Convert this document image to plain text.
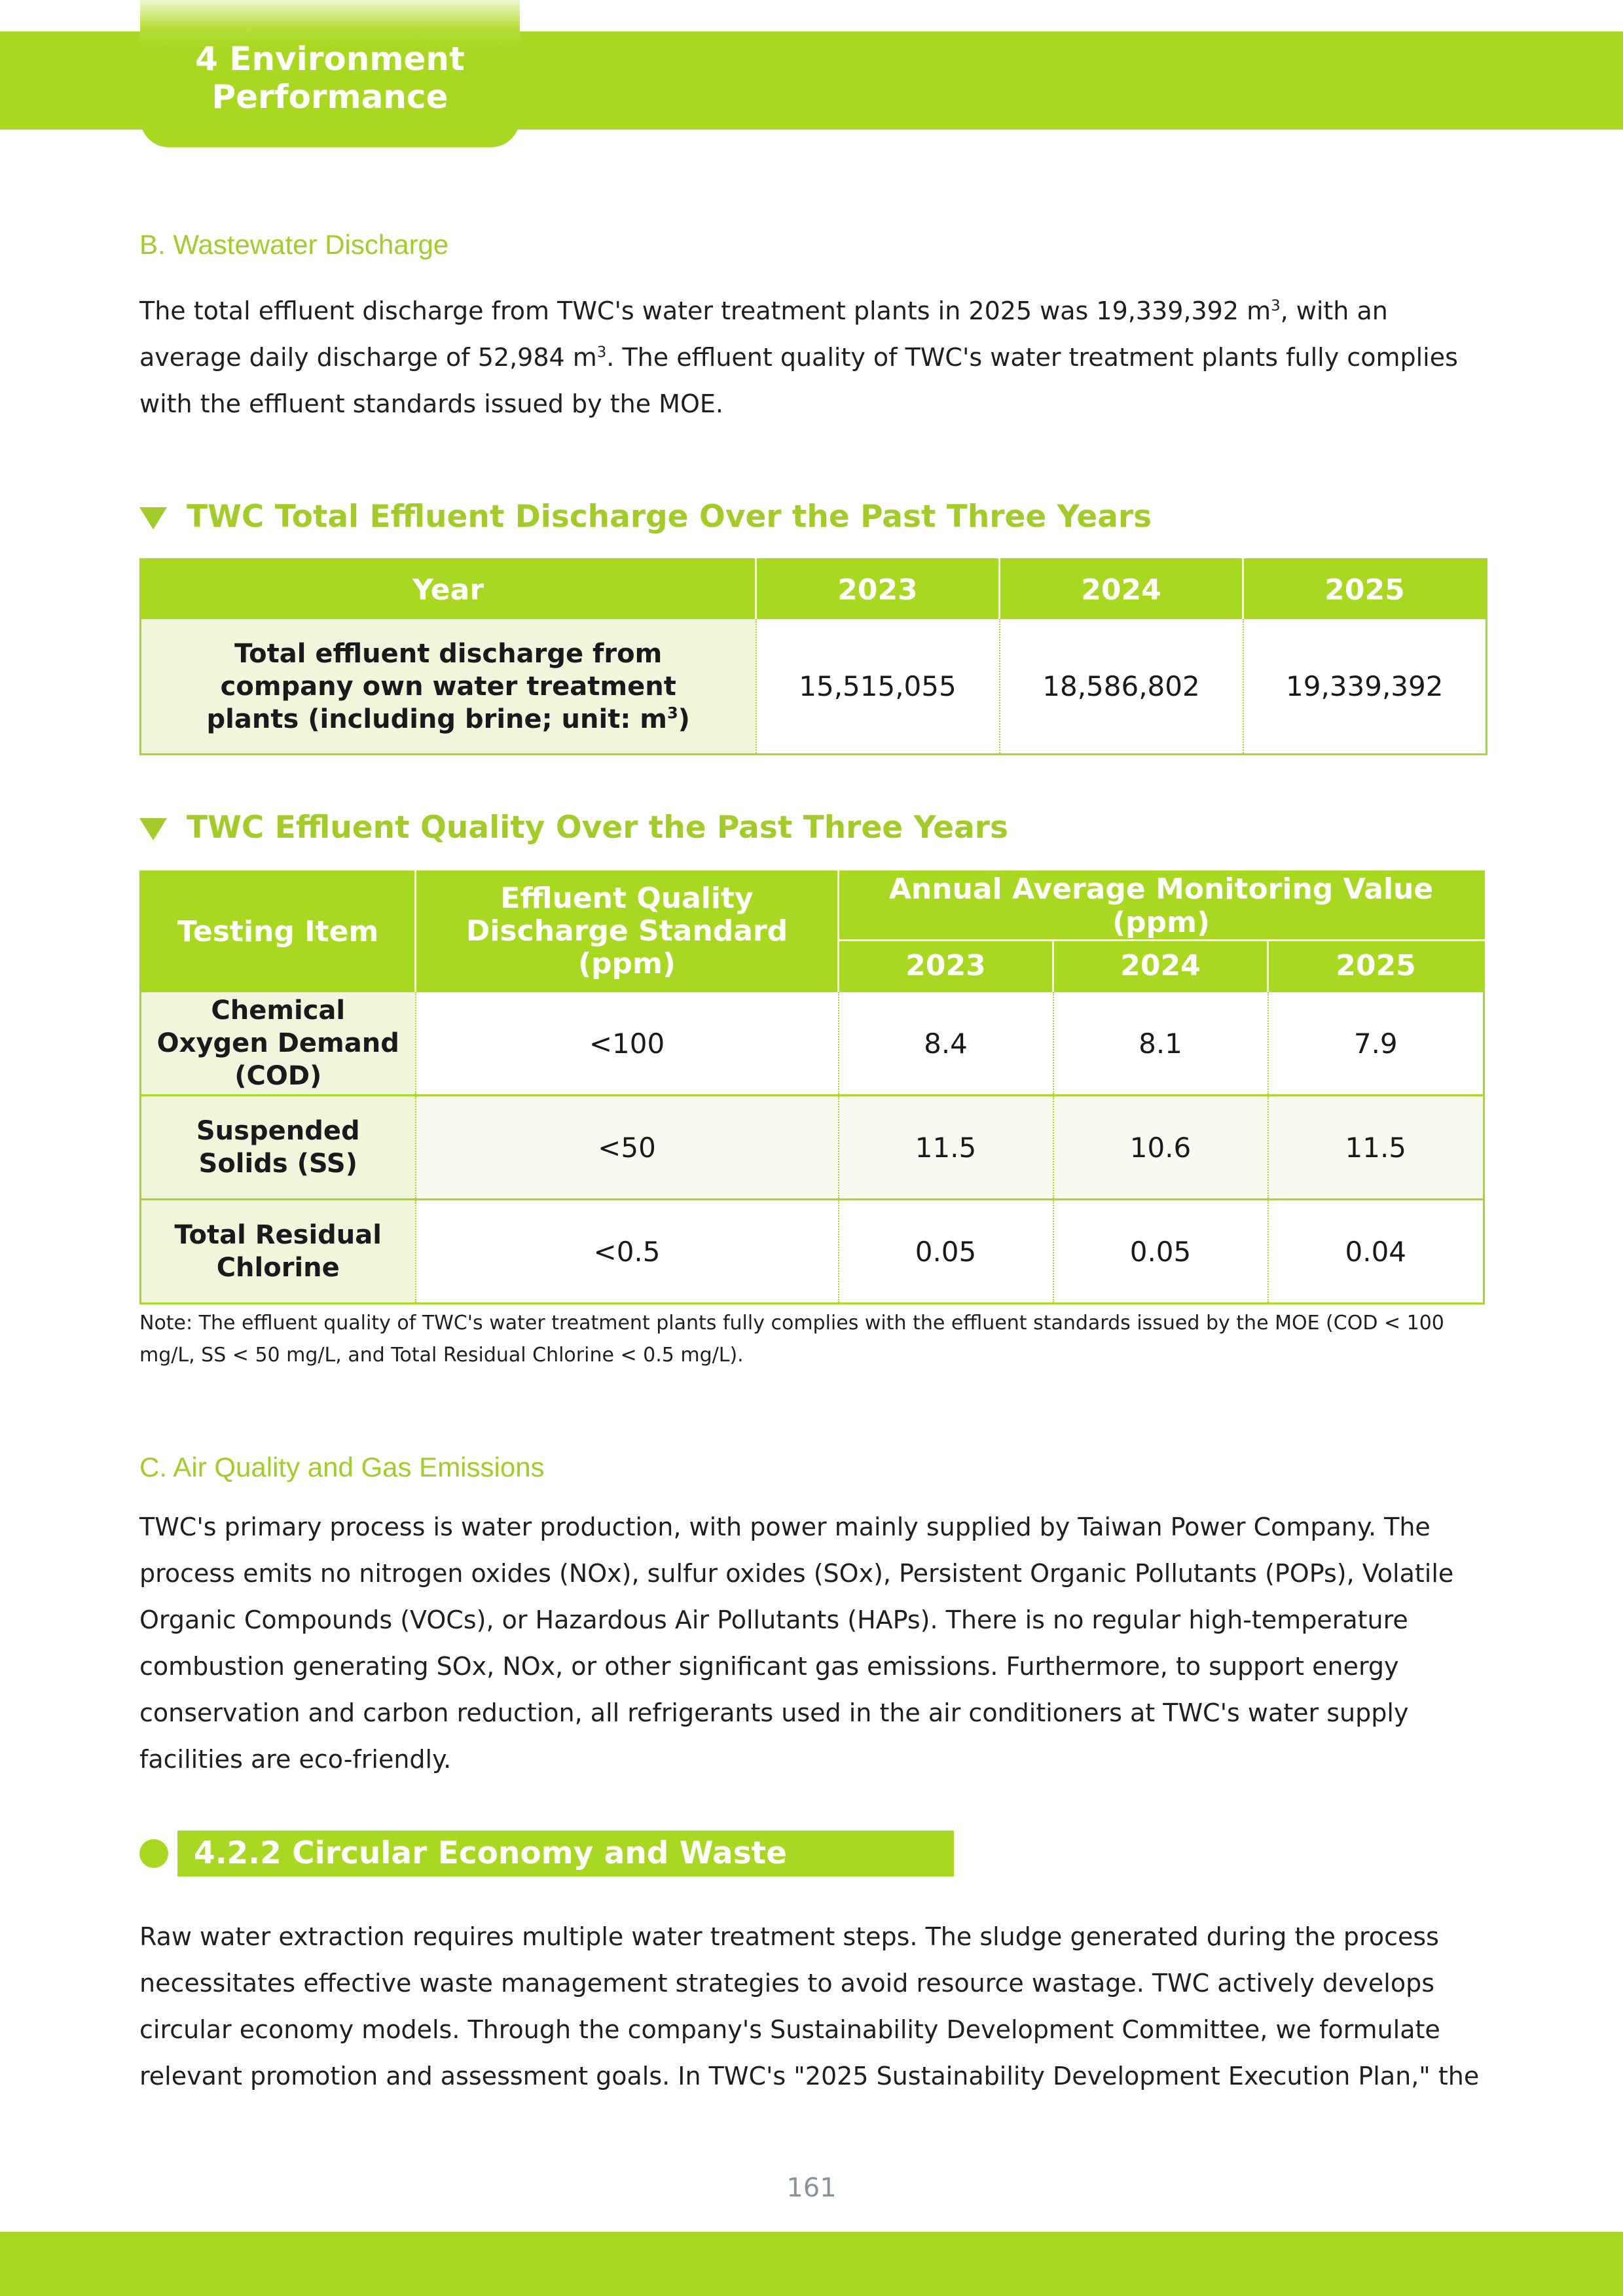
4 Environment
Performance
B. Wastewater Discharge

The total effluent discharge from TWC's water treatment plants in 2025 was 19,339,392 $m^3$, with an average daily discharge of 52,984 $m^3$. The effluent quality of TWC's water treatment plants fully complies with the effluent standards issued by the MOE.

TWC Total Effluent Discharge Over the Past Three Years
Year	2023	2024	2025
Total effluent discharge from company own water treatment plants (including brine; unit: $m^3$)	15,515,055	18,586,802	19,339,392
TWC Effluent Quality Over the Past Three Years
Testing Item	Effluent Quality Discharge Standard (ppm)	Annual Average Monitoring Value (ppm)		
		2023	2024	2025
Chemical Oxygen Demand (COD)	<100	8.4	8.1	7.9
Suspended Solids (SS)	<50	11.5	10.6	11.5
Total Residual Chlorine	<0.5	0.05	0.05	0.04

Note: The effluent quality of TWC's water treatment plants fully complies with the effluent standards issued by the MOE (COD < 100 mg/L, SS < 50 mg/L, and Total Residual Chlorine < 0.5 mg/L).

C. Air Quality and Gas Emissions

TWC's primary process is water production, with power mainly supplied by Taiwan Power Company. The process emits no nitrogen oxides (NOx), sulfur oxides (SOx), Persistent Organic Pollutants (POPs), Volatile Organic Compounds (VOCs), or Hazardous Air Pollutants (HAPs). There is no regular high-temperature combustion generating SOx, NOx, or other significant gas emissions. Furthermore, to support energy conservation and carbon reduction, all refrigerants used in the air conditioners at TWC's water supply facilities are eco-friendly.

4.2.2 Circular Economy and Waste Management Strategies

Raw water extraction requires multiple water treatment steps. The sludge generated during the process necessitates effective waste management strategies to avoid resource wastage. TWC actively develops circular economy models. Through the company's Sustainability Development Committee, we formulate relevant promotion and assessment goals. In TWC's "2025 Sustainability Development Execution Plan," the

161
